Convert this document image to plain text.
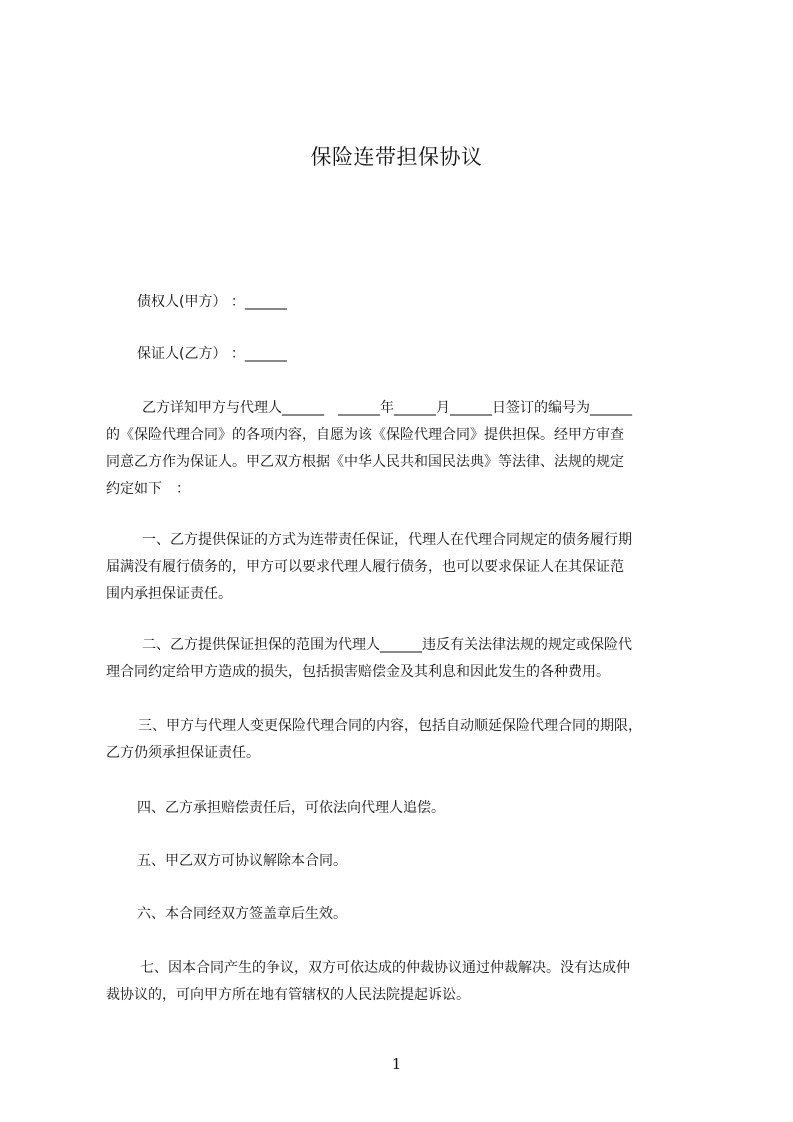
保险连带担保协议
债权人(甲方） ：______
保证人(乙方） ：______
乙方详知甲方与代理人______　______年______月______日签订的编号为______
的《保险代理合同》的各项内容，自愿为该《保险代理合同》提供担保。经甲方审查
同意乙方作为保证人。甲乙双方根据《中华人民共和国民法典》等法律、法规的规定
约定如下　：
一、乙方提供保证的方式为连带责任保证，代理人在代理合同规定的债务履行期
届满没有履行债务的，甲方可以要求代理人履行债务，也可以要求保证人在其保证范
围内承担保证责任。
二、乙方提供保证担保的范围为代理人______违反有关法律法规的规定或保险代
理合同约定给甲方造成的损失，包括损害赔偿金及其利息和因此发生的各种费用。
三、甲方与代理人变更保险代理合同的内容，包括自动顺延保险代理合同的期限，
乙方仍须承担保证责任。
四、乙方承担赔偿责任后，可依法向代理人追偿。
五、甲乙双方可协议解除本合同。
六、本合同经双方签盖章后生效。
七、因本合同产生的争议，双方可依达成的仲裁协议通过仲裁解决。没有达成仲
裁协议的，可向甲方所在地有管辖权的人民法院提起诉讼。
1
